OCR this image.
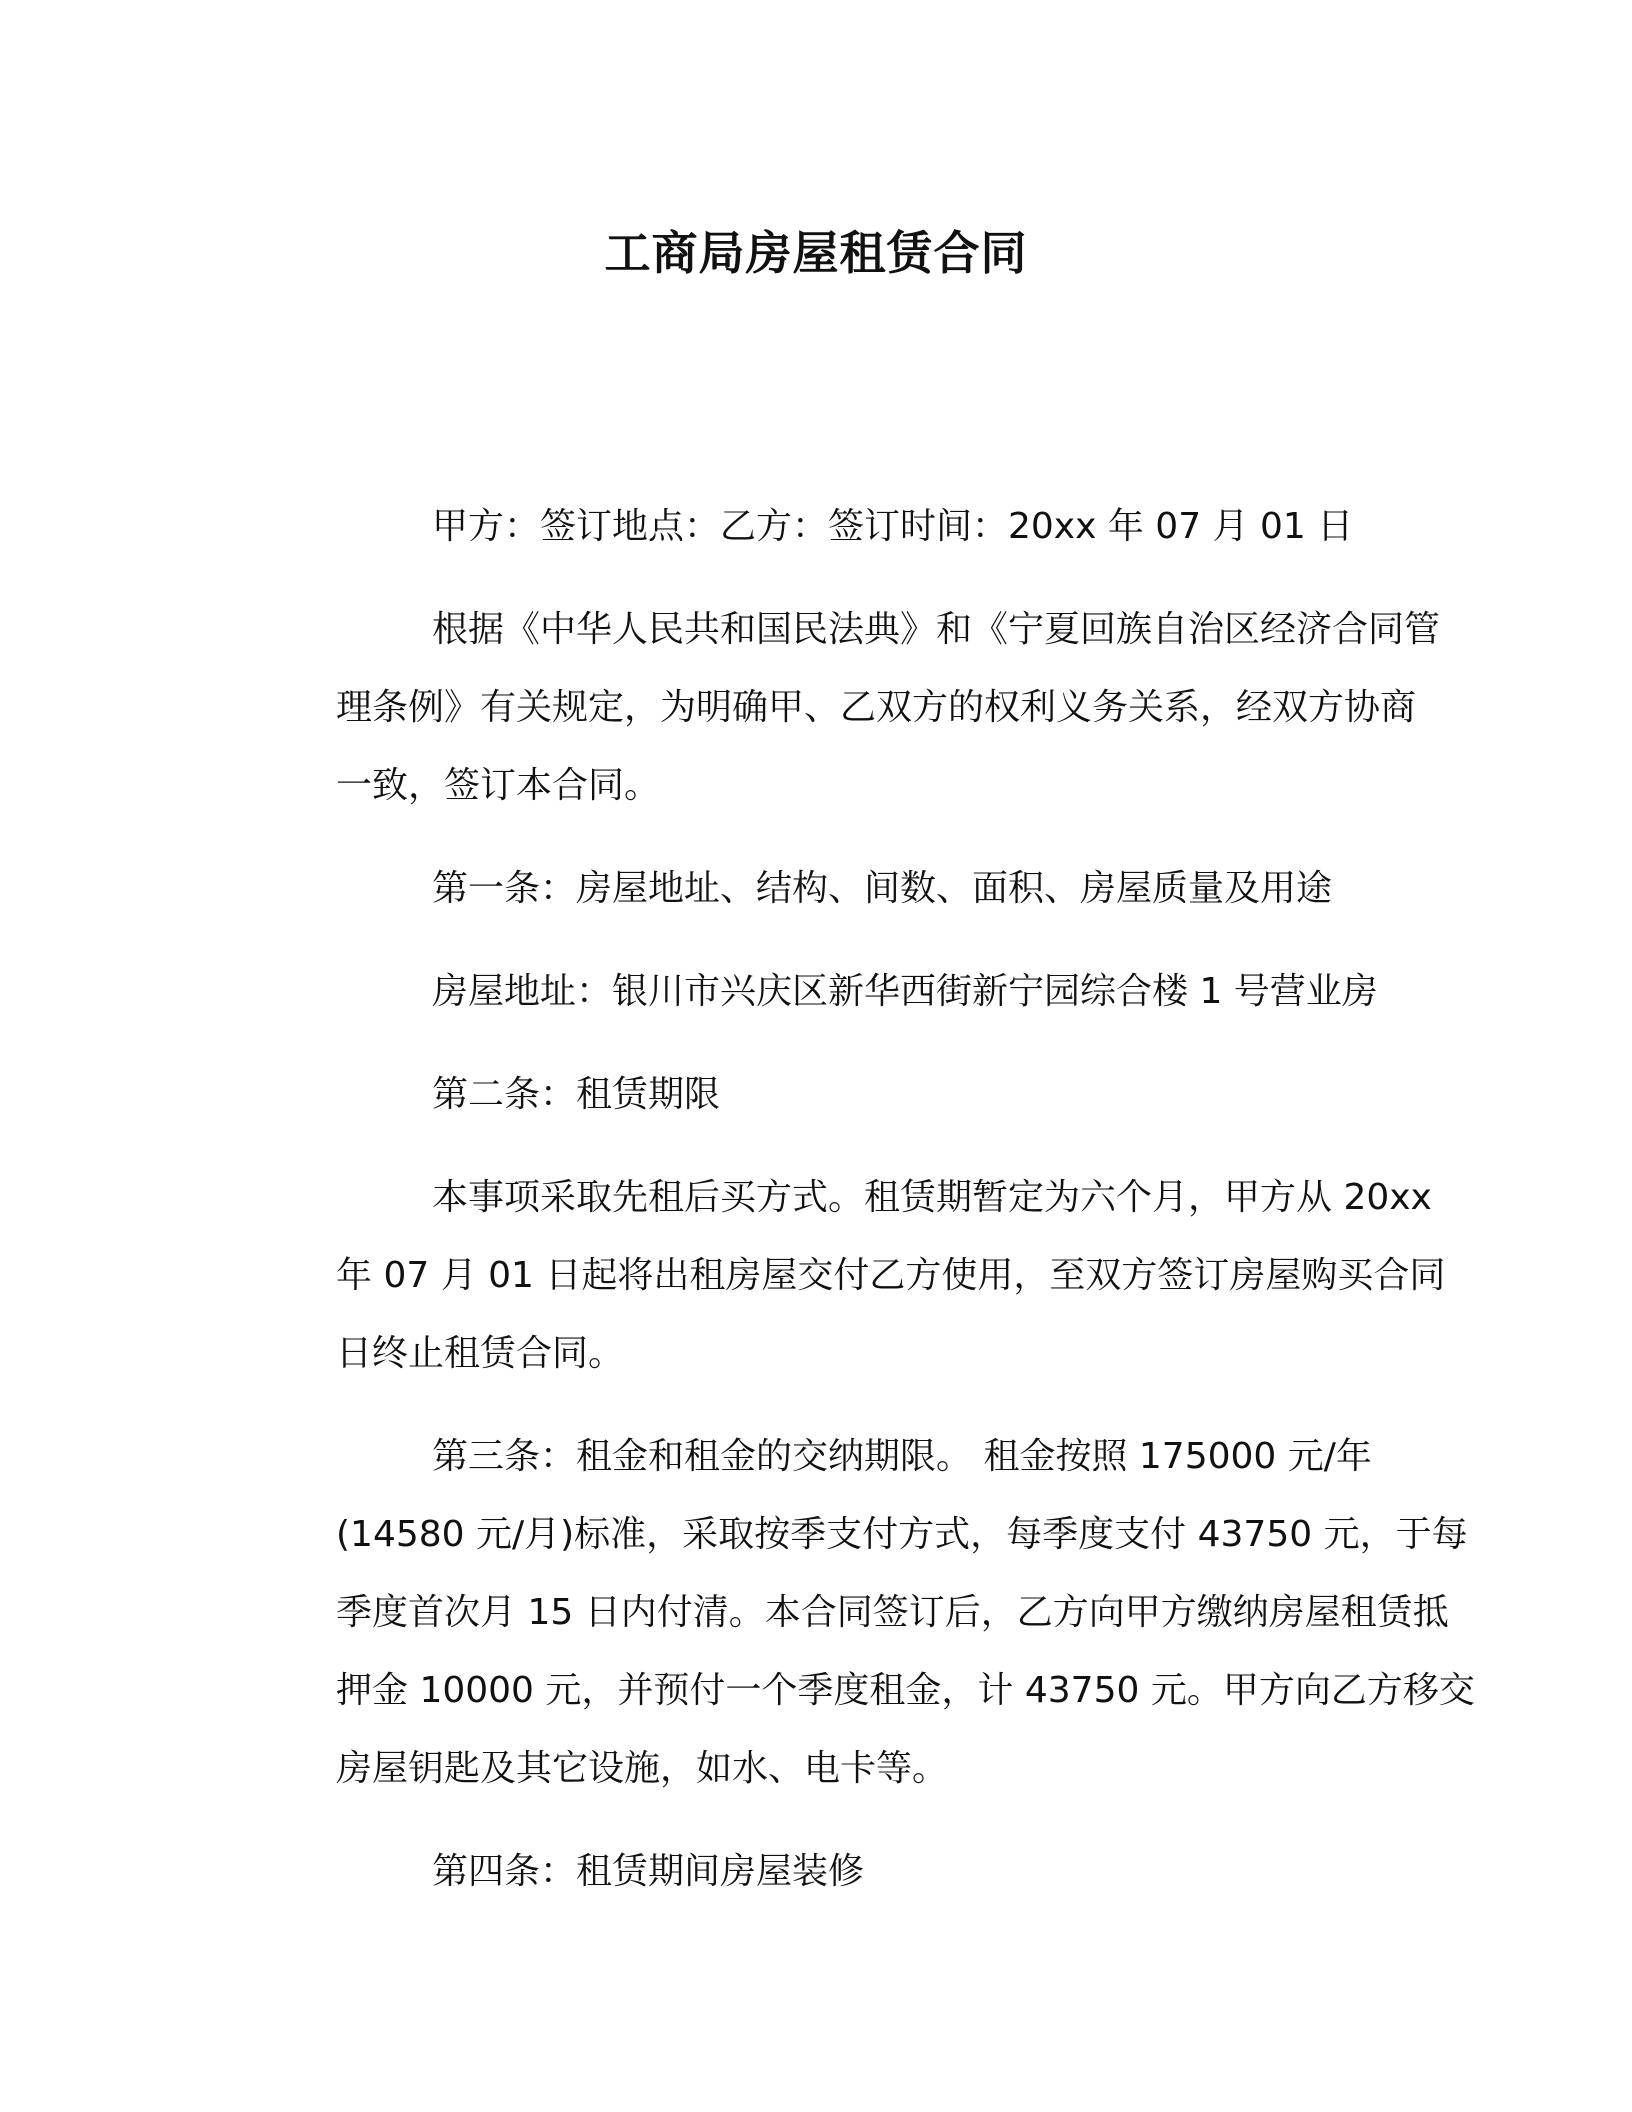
工商局房屋租赁合同
甲方：签订地点：乙方：签订时间：20xx 年 07 月 01 日
根据《中华人民共和国民法典》和《宁夏回族自治区经济合同管
理条例》有关规定，为明确甲、乙双方的权利义务关系，经双方协商
一致，签订本合同。
第一条：房屋地址、结构、间数、面积、房屋质量及用途
房屋地址：银川市兴庆区新华西街新宁园综合楼 1 号营业房
第二条：租赁期限
本事项采取先租后买方式。租赁期暂定为六个月，甲方从 20xx
年 07 月 01 日起将出租房屋交付乙方使用，至双方签订房屋购买合同
日终止租赁合同。
第三条：租金和租金的交纳期限。 租金按照 175000 元/年
(14580 元/月)标准，采取按季支付方式，每季度支付 43750 元，于每
季度首次月 15 日内付清。本合同签订后，乙方向甲方缴纳房屋租赁抵
押金 10000 元，并预付一个季度租金，计 43750 元。甲方向乙方移交
房屋钥匙及其它设施，如水、电卡等。
第四条：租赁期间房屋装修
